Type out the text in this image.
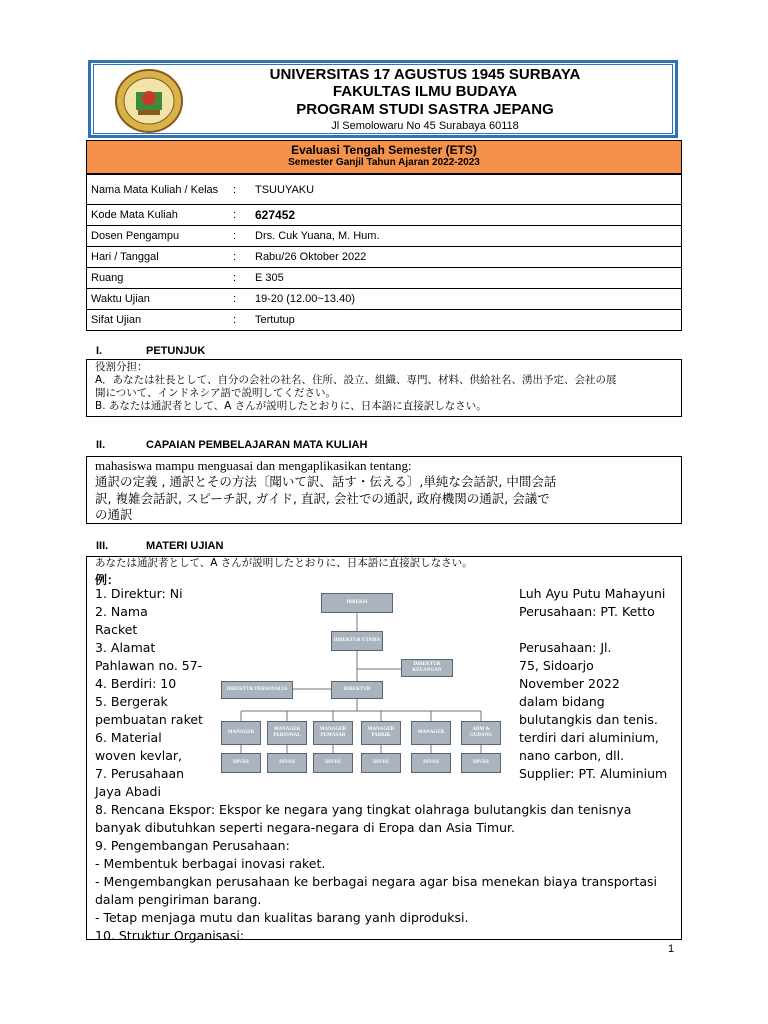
UNIVERSITAS 17 AGUSTUS 1945 SURBAYA
FAKULTAS ILMU BUDAYA
PROGRAM STUDI SASTRA JEPANG
Jl Semolowaru No 45 Surabaya 60118
Evaluasi Tengah Semester (ETS)
Semester Ganjil Tahun Ajaran 2022-2023
Nama Mata Kuliah / Kelas	:	TSUUYAKU
Kode Mata Kuliah	:	627452
Dosen Pengampu	:	Drs. Cuk Yuana, M. Hum.
Hari / Tanggal	:	Rabu/26 Oktober 2022
Ruang	:	E 305
Waktu Ujian	:	19-20 (12.00~13.40)
Sifat Ujian	:	Tertutup
I.	PETUNJUK
役割分担：
A．あなたは社長として、自分の会社の社名、住所、設立、組織、専門、材料、供給社名、湧出予定、会社の展
開について、インドネシア語で説明してください。
B. あなたは通訳者として、A さんが説明したとおりに、日本語に直接訳しなさい。
II.	CAPAIAN PEMBELAJARAN MATA KULIAH
mahasiswa mampu menguasai dan mengaplikasikan tentang:
通訳の定義 , 通訳とその方法〔聞いて訳、話す・伝える〕,単純な会話訳, 中間会話
訳, 複雑会話訳, スピーチ訳, ガイド, 直訳, 会社での通訳, 政府機関の通訳, 会議で
の通訳
III.	MATERI UJIAN
あなたは通訳者として、A さんが説明したとおりに、日本語に直接訳しなさい。
例：
1. Direktur: Ni
2. Nama
Racket
3. Alamat
Pahlawan no. 57-
4. Berdiri: 10
5. Bergerak
pembuatan raket
6. Material
woven kevlar,
7. Perusahaan
Jaya Abadi
Luh Ayu Putu Mahayuni
Perusahaan: PT. Ketto
Perusahaan: Jl.
75, Sidoarjo
November 2022
dalam bidang
bulutangkis dan tenis.
terdiri dari aluminium,
nano carbon, dll.
Supplier: PT. Aluminium
DIREKSI
DIREKTUR UTAMA
DIREKTUR KEUANGAN
DIREKTUR PERSONALIA	DIREKTUR
MANAGER
MANAGER PERSONAL
MANAGER PEMASAR
MANAGER PABRIK
MANAGER
ADM & GUDANG
DIVISI	DIVISI	DIVISI	DIVISI	DIVISI	DIVISI
8. Rencana Ekspor: Ekspor ke negara yang tingkat olahraga bulutangkis dan tenisnya
banyak dibutuhkan seperti negara-negara di Eropa dan Asia Timur.
9. Pengembangan Perusahaan:
- Membentuk berbagai inovasi raket.
- Mengembangkan perusahaan ke berbagai negara agar bisa menekan biaya transportasi
dalam pengiriman barang.
- Tetap menjaga mutu dan kualitas barang yanh diproduksi.
10. Struktur Organisasi:
1
